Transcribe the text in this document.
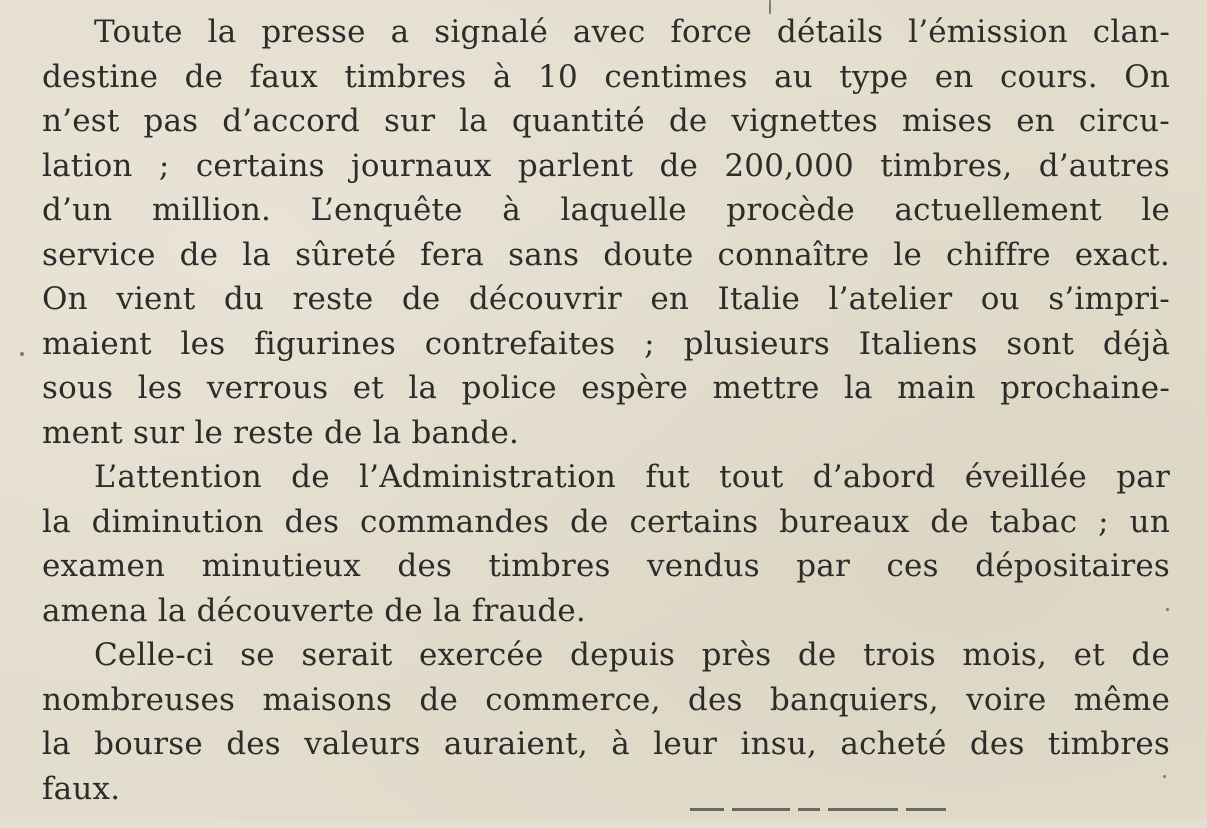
Toute la presse a signalé avec force détails l’émission clan-
destine de faux timbres à 10 centimes au type en cours. On
n’est pas d’accord sur la quantité de vignettes mises en circu-
lation ; certains journaux parlent de 200,000 timbres, d’autres
d’un million. L’enquête à laquelle procède actuellement le
service de la sûreté fera sans doute connaître le chiffre exact.
On vient du reste de découvrir en Italie l’atelier ou s’impri-
maient les figurines contrefaites ; plusieurs Italiens sont déjà
sous les verrous et la police espère mettre la main prochaine-
ment sur le reste de la bande.
L’attention de l’Administration fut tout d’abord éveillée par
la diminution des commandes de certains bureaux de tabac ; un
examen minutieux des timbres vendus par ces dépositaires
amena la découverte de la fraude.
Celle-ci se serait exercée depuis près de trois mois, et de
nombreuses maisons de commerce, des banquiers, voire même
la bourse des valeurs auraient, à leur insu, acheté des timbres
faux.
